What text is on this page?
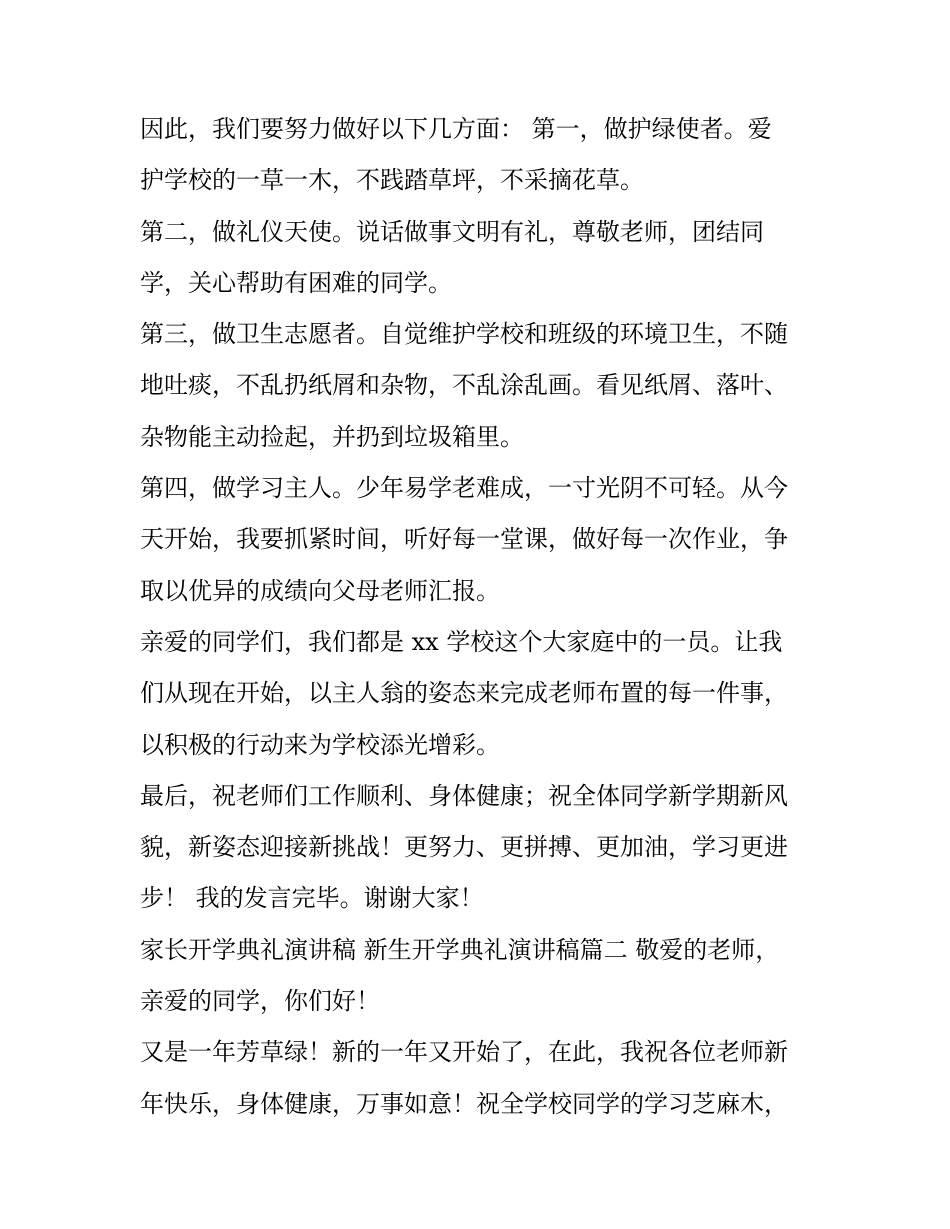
因此，我们要努力做好以下几方面： 第一，做护绿使者。爱
护学校的一草一木，不践踏草坪，不采摘花草。
第二，做礼仪天使。说话做事文明有礼，尊敬老师，团结同
学，关心帮助有困难的同学。
第三，做卫生志愿者。自觉维护学校和班级的环境卫生，不随
地吐痰，不乱扔纸屑和杂物，不乱涂乱画。看见纸屑、落叶、
杂物能主动捡起，并扔到垃圾箱里。
第四，做学习主人。少年易学老难成，一寸光阴不可轻。从今
天开始，我要抓紧时间，听好每一堂课，做好每一次作业，争
取以优异的成绩向父母老师汇报。
亲爱的同学们，我们都是 xx 学校这个大家庭中的一员。让我
们从现在开始，以主人翁的姿态来完成老师布置的每一件事，
以积极的行动来为学校添光增彩。
最后，祝老师们工作顺利、身体健康；祝全体同学新学期新风
貌，新姿态迎接新挑战！更努力、更拼搏、更加油，学习更进
步！ 我的发言完毕。谢谢大家！
家长开学典礼演讲稿 新生开学典礼演讲稿篇二 敬爱的老师，
亲爱的同学，你们好！
又是一年芳草绿！新的一年又开始了，在此，我祝各位老师新
年快乐，身体健康，万事如意！祝全学校同学的学习芝麻木，
